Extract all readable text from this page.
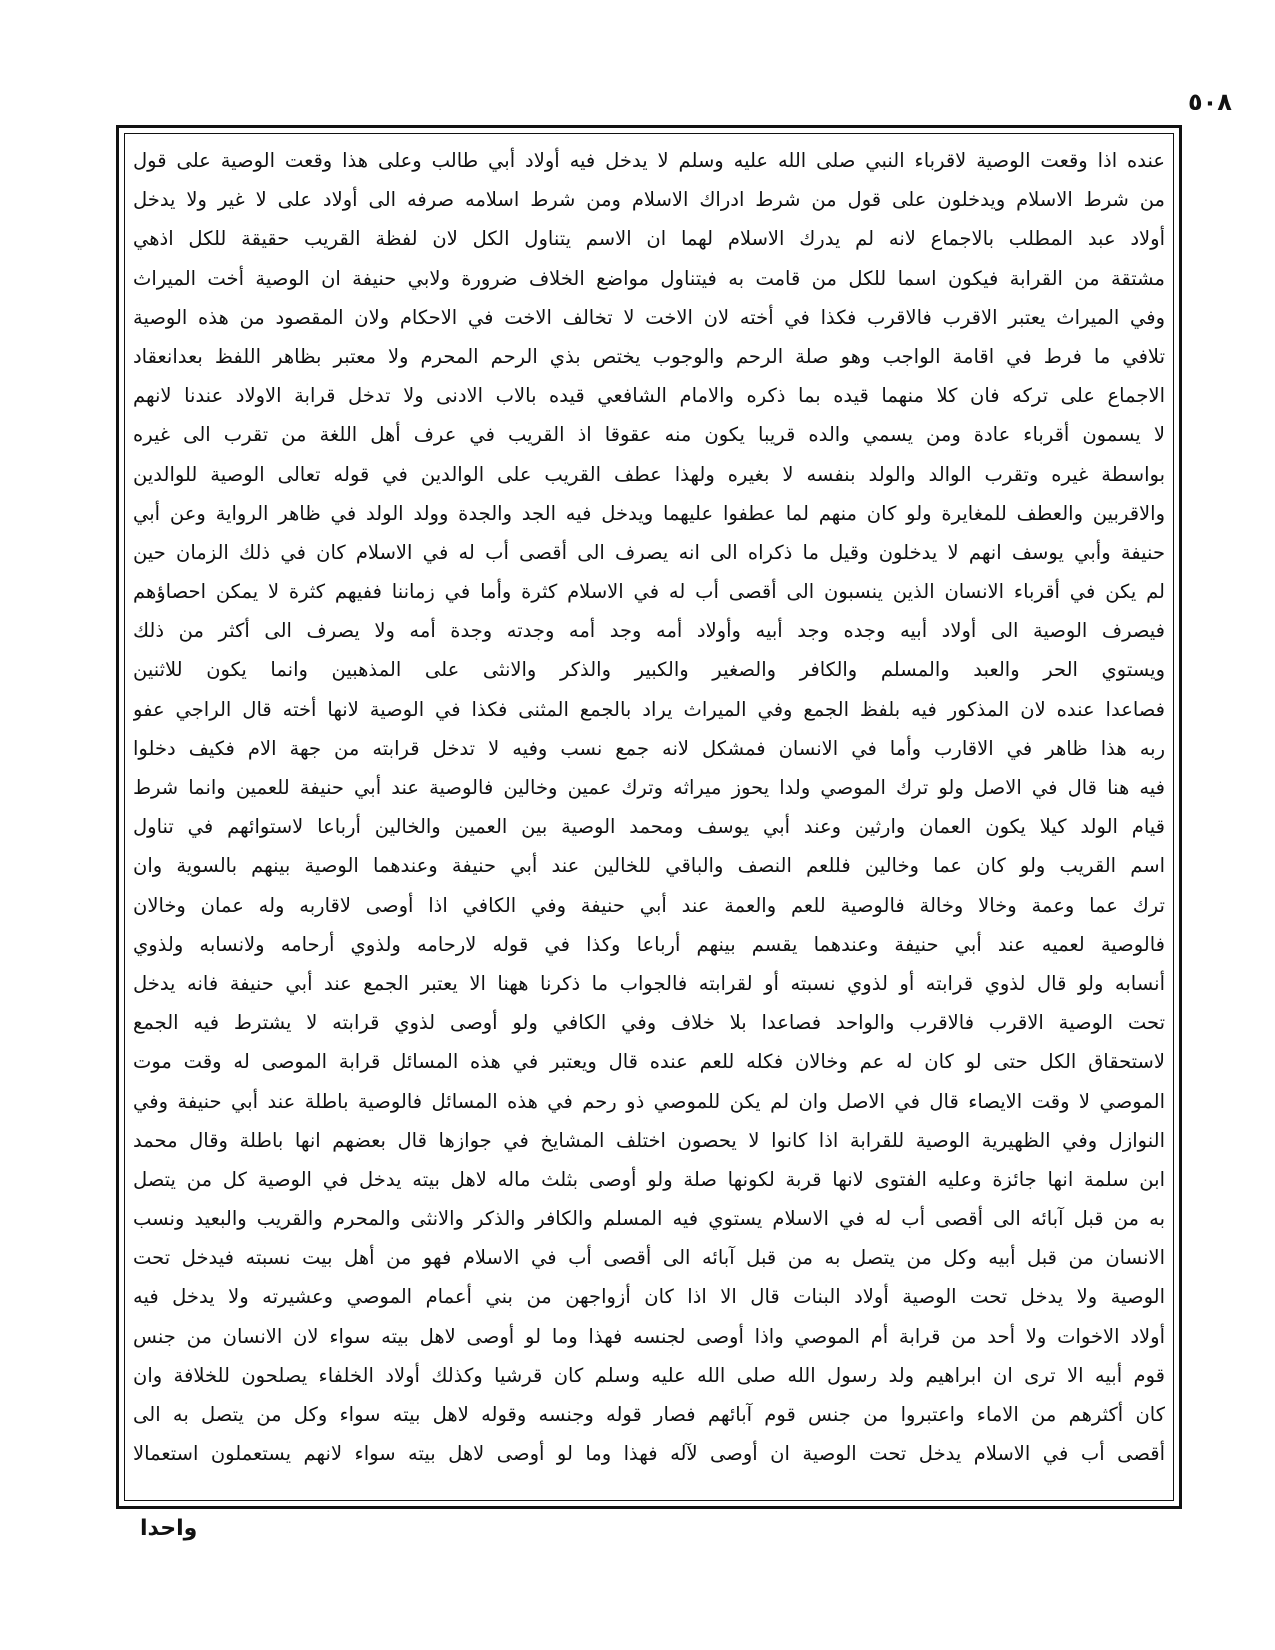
٥٠٨
عنده اذا وقعت الوصية لاقرباء النبي صلى الله عليه وسلم لا يدخل فيه أولاد أبي طالب وعلى هذا وقعت الوصية على قول
من شرط الاسلام ويدخلون على قول من شرط ادراك الاسلام ومن شرط اسلامه صرفه الى أولاد على لا غير ولا يدخل
أولاد عبد المطلب بالاجماع لانه لم يدرك الاسلام لهما ان الاسم يتناول الكل لان لفظة القريب حقيقة للكل اذهي
مشتقة من القرابة فيكون اسما للكل من قامت به فيتناول مواضع الخلاف ضرورة ولابي حنيفة ان الوصية أخت الميراث
وفي الميراث يعتبر الاقرب فالاقرب فكذا في أخته لان الاخت لا تخالف الاخت في الاحكام ولان المقصود من هذه الوصية
تلافي ما فرط في اقامة الواجب وهو صلة الرحم والوجوب يختص بذي الرحم المحرم ولا معتبر بظاهر اللفظ بعدانعقاد
الاجماع على تركه فان كلا منهما قيده بما ذكره والامام الشافعي قيده بالاب الادنى ولا تدخل قرابة الاولاد عندنا لانهم
لا يسمون أقرباء عادة ومن يسمي والده قريبا يكون منه عقوقا اذ القريب في عرف أهل اللغة من تقرب الى غيره
بواسطة غيره وتقرب الوالد والولد بنفسه لا بغيره ولهذا عطف القريب على الوالدين في قوله تعالى الوصية للوالدين
والاقربين والعطف للمغايرة ولو كان منهم لما عطفوا عليهما ويدخل فيه الجد والجدة وولد الولد في ظاهر الرواية وعن أبي
حنيفة وأبي يوسف انهم لا يدخلون وقيل ما ذكراه الى انه يصرف الى أقصى أب له في الاسلام كان في ذلك الزمان حين
لم يكن في أقرباء الانسان الذين ينسبون الى أقصى أب له في الاسلام كثرة وأما في زماننا ففيهم كثرة لا يمكن احصاؤهم
فيصرف الوصية الى أولاد أبيه وجده وجد أبيه وأولاد أمه وجد أمه وجدته وجدة أمه ولا يصرف الى أكثر من ذلك
ويستوي الحر والعبد والمسلم والكافر والصغير والكبير والذكر والانثى على المذهبين وانما يكون للاثنين
فصاعدا عنده لان المذكور فيه بلفظ الجمع وفي الميراث يراد بالجمع المثنى فكذا في الوصية لانها أخته قال الراجي عفو
ربه هذا ظاهر في الاقارب وأما في الانسان فمشكل لانه جمع نسب وفيه لا تدخل قرابته من جهة الام فكيف دخلوا
فيه هنا قال في الاصل ولو ترك الموصي ولدا يحوز ميراثه وترك عمين وخالين فالوصية عند أبي حنيفة للعمين وانما شرط
قيام الولد كيلا يكون العمان وارثين وعند أبي يوسف ومحمد الوصية بين العمين والخالين أرباعا لاستوائهم في تناول
اسم القريب ولو كان عما وخالين فللعم النصف والباقي للخالين عند أبي حنيفة وعندهما الوصية بينهم بالسوية وان
ترك عما وعمة وخالا وخالة فالوصية للعم والعمة عند أبي حنيفة وفي الكافي اذا أوصى لاقاربه وله عمان وخالان
فالوصية لعميه عند أبي حنيفة وعندهما يقسم بينهم أرباعا وكذا في قوله لارحامه ولذوي أرحامه ولانسابه ولذوي
أنسابه ولو قال لذوي قرابته أو لذوي نسبته أو لقرابته فالجواب ما ذكرنا ههنا الا يعتبر الجمع عند أبي حنيفة فانه يدخل
تحت الوصية الاقرب فالاقرب والواحد فصاعدا بلا خلاف وفي الكافي ولو أوصى لذوي قرابته لا يشترط فيه الجمع
لاستحقاق الكل حتى لو كان له عم وخالان فكله للعم عنده قال ويعتبر في هذه المسائل قرابة الموصى له وقت موت
الموصي لا وقت الايصاء قال في الاصل وان لم يكن للموصي ذو رحم في هذه المسائل فالوصية باطلة عند أبي حنيفة وفي
النوازل وفي الظهيرية الوصية للقرابة اذا كانوا لا يحصون اختلف المشايخ في جوازها قال بعضهم انها باطلة وقال محمد
ابن سلمة انها جائزة وعليه الفتوى لانها قربة لكونها صلة ولو أوصى بثلث ماله لاهل بيته يدخل في الوصية كل من يتصل
به من قبل آبائه الى أقصى أب له في الاسلام يستوي فيه المسلم والكافر والذكر والانثى والمحرم والقريب والبعيد ونسب
الانسان من قبل أبيه وكل من يتصل به من قبل آبائه الى أقصى أب في الاسلام فهو من أهل بيت نسبته فيدخل تحت
الوصية ولا يدخل تحت الوصية أولاد البنات قال الا اذا كان أزواجهن من بني أعمام الموصي وعشيرته ولا يدخل فيه
أولاد الاخوات ولا أحد من قرابة أم الموصي واذا أوصى لجنسه فهذا وما لو أوصى لاهل بيته سواء لان الانسان من جنس
قوم أبيه الا ترى ان ابراهيم ولد رسول الله صلى الله عليه وسلم كان قرشيا وكذلك أولاد الخلفاء يصلحون للخلافة وان
كان أكثرهم من الاماء واعتبروا من جنس قوم آبائهم فصار قوله وجنسه وقوله لاهل بيته سواء وكل من يتصل به الى
أقصى أب في الاسلام يدخل تحت الوصية ان أوصى لآله فهذا وما لو أوصى لاهل بيته سواء لانهم يستعملون استعمالا
واحدا
